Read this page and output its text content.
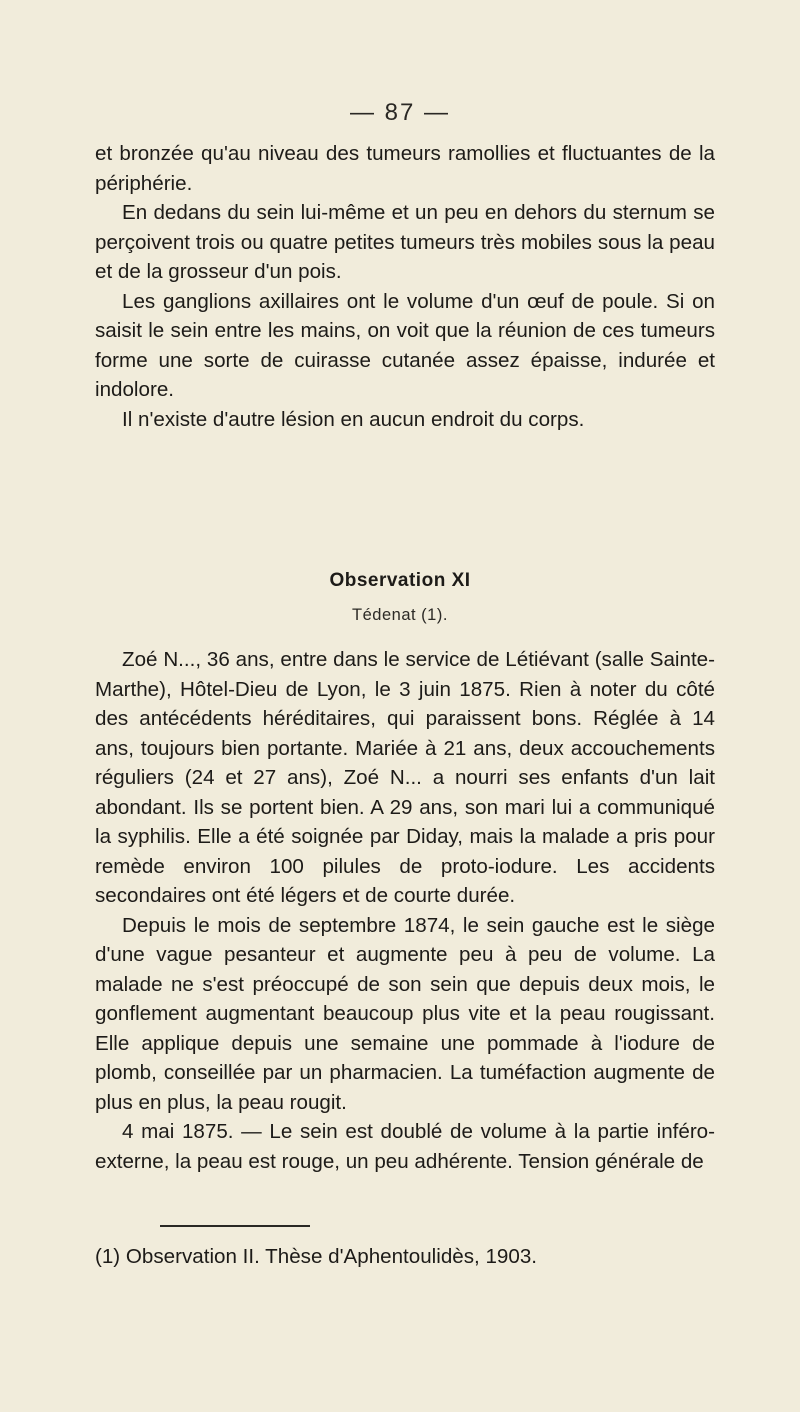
— 87 —

et bronzée qu'au niveau des tumeurs ramollies et fluctuantes de la périphérie.

En dedans du sein lui-même et un peu en dehors du sternum se perçoivent trois ou quatre petites tumeurs très mobiles sous la peau et de la grosseur d'un pois.

Les ganglions axillaires ont le volume d'un œuf de poule. Si on saisit le sein entre les mains, on voit que la réunion de ces tumeurs forme une sorte de cuirasse cutanée assez épaisse, indurée et indolore.

Il n'existe d'autre lésion en aucun endroit du corps.

Observation XI
Tédenat (1).

Zoé N..., 36 ans, entre dans le service de Létiévant (salle Sainte-Marthe), Hôtel-Dieu de Lyon, le 3 juin 1875. Rien à noter du côté des antécédents héréditaires, qui paraissent bons. Réglée à 14 ans, toujours bien portante. Mariée à 21 ans, deux accouchements réguliers (24 et 27 ans), Zoé N... a nourri ses enfants d'un lait abondant. Ils se portent bien. A 29 ans, son mari lui a communiqué la syphilis. Elle a été soignée par Diday, mais la malade a pris pour remède environ 100 pilules de proto-iodure. Les accidents secondaires ont été légers et de courte durée.

Depuis le mois de septembre 1874, le sein gauche est le siège d'une vague pesanteur et augmente peu à peu de volume. La malade ne s'est préoccupé de son sein que depuis deux mois, le gonflement augmentant beaucoup plus vite et la peau rougissant. Elle applique depuis une semaine une pommade à l'iodure de plomb, conseillée par un pharmacien. La tuméfaction augmente de plus en plus, la peau rougit.

4 mai 1875. — Le sein est doublé de volume à la partie inféro-externe, la peau est rouge, un peu adhérente. Tension générale de

(1) Observation II. Thèse d'Aphentoulidès, 1903.
